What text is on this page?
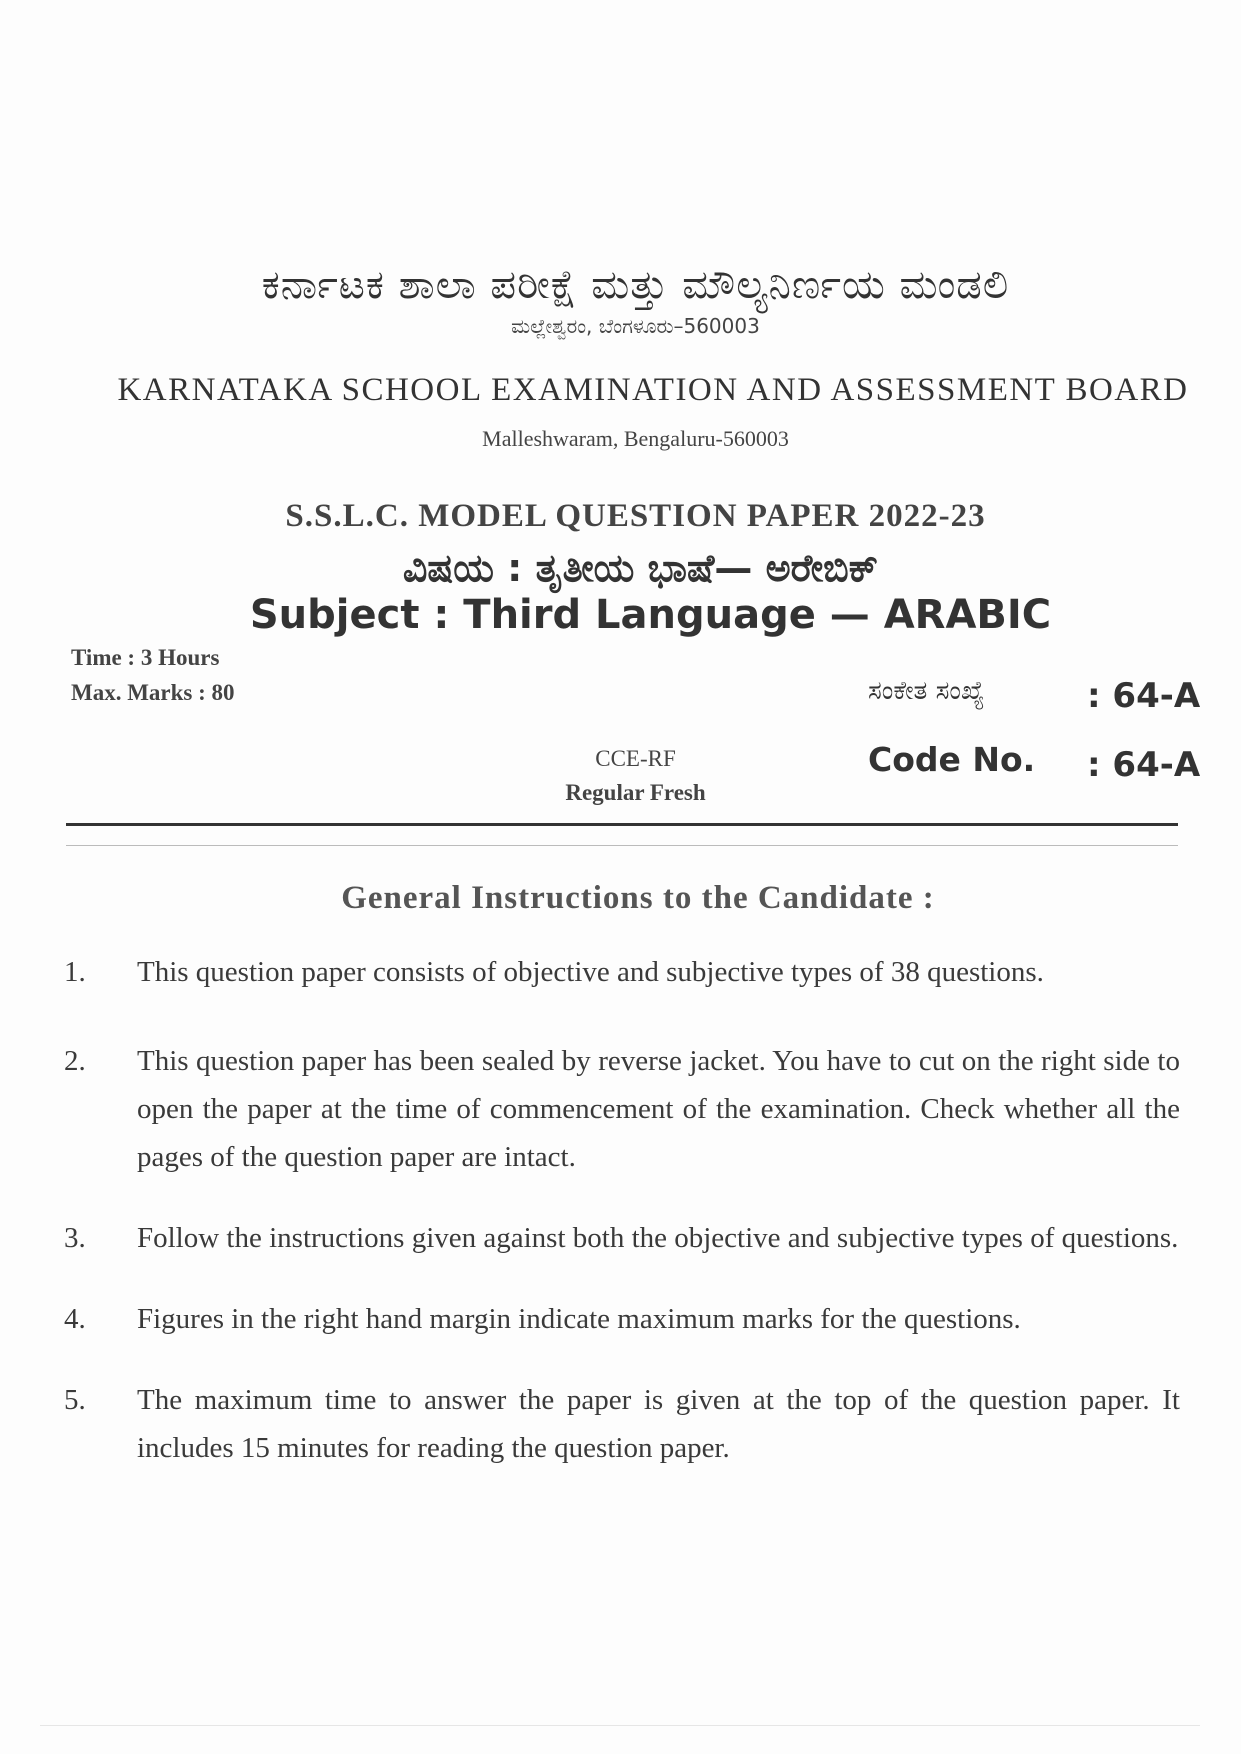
ಕರ್ನಾಟಕ ಶಾಲಾ ಪರೀಕ್ಷೆ ಮತ್ತು ಮೌಲ್ಯನಿರ್ಣಯ ಮಂಡಲಿ
ಮಲ್ಲೇಶ್ವರಂ, ಬೆಂಗಳೂರು–560003
KARNATAKA SCHOOL EXAMINATION AND ASSESSMENT BOARD
Malleshwaram, Bengaluru-560003
S.S.L.C. MODEL QUESTION PAPER 2022-23
ವಿಷಯ : ತೃತೀಯ ಭಾಷೆ— ಅರೇಬಿಕ್
Subject : Third Language — ARABIC
Time : 3 Hours
Max. Marks : 80	ಸಂಕೇತ ಸಂಖ್ಯೆ	: 64-A
Code No. : 64-A
CCE-RF
Regular Fresh
General Instructions to the Candidate :
1.	This question paper consists of objective and subjective types of 38 questions.
2.	This question paper has been sealed by reverse jacket. You have to cut on the right side to open the paper at the time of commencement of the examination. Check whether all the pages of the question paper are intact.
3.	Follow the instructions given against both the objective and subjective types of questions.
4.	Figures in the right hand margin indicate maximum marks for the questions.
5.	The maximum time to answer the paper is given at the top of the question paper. It includes 15 minutes for reading the question paper.
